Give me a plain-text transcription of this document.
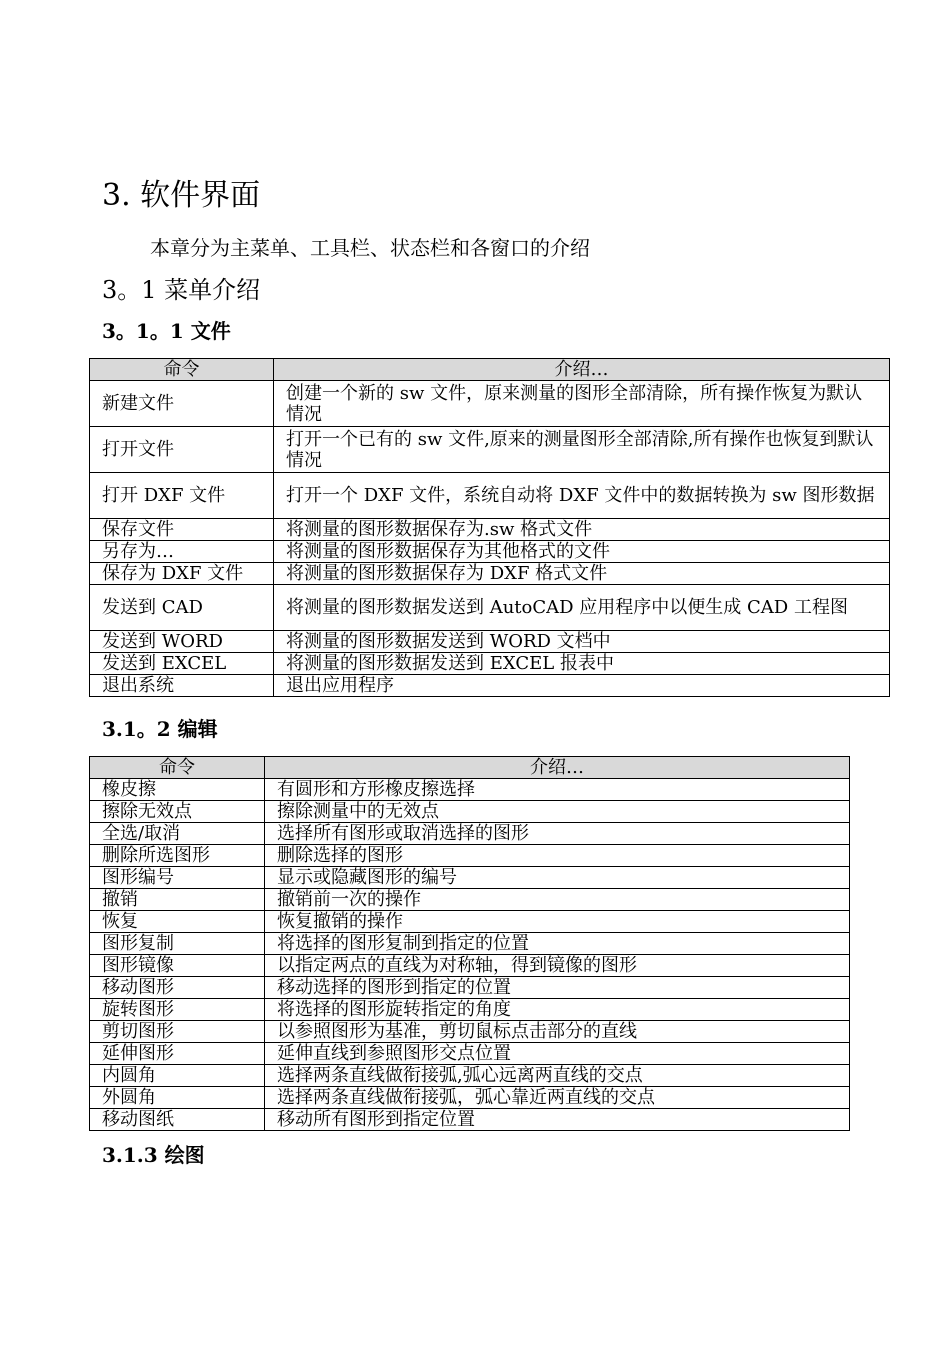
3. 软件界面

本章分为主菜单、工具栏、状态栏和各窗口的介绍

3。1 菜单介绍
3。1。1 文件
命令	介绍…
新建文件	创建一个新的 sw 文件，原来测量的图形全部清除，所有操作恢复为默认情况
打开文件	打开一个已有的 sw 文件,原来的测量图形全部清除,所有操作也恢复到默认情况
打开 DXF 文件	打开一个 DXF 文件，系统自动将 DXF 文件中的数据转换为 sw 图形数据
保存文件	将测量的图形数据保存为.sw 格式文件
另存为…	将测量的图形数据保存为其他格式的文件
保存为 DXF 文件	将测量的图形数据保存为 DXF 格式文件
发送到 CAD	将测量的图形数据发送到 AutoCAD 应用程序中以便生成 CAD 工程图
发送到 WORD	将测量的图形数据发送到 WORD 文档中
发送到 EXCEL	将测量的图形数据发送到 EXCEL 报表中
退出系统	退出应用程序
3.1。2 编辑
命令	介绍…
橡皮擦	有圆形和方形橡皮擦选择
擦除无效点	擦除测量中的无效点
全选/取消	选择所有图形或取消选择的图形
删除所选图形	删除选择的图形
图形编号	显示或隐藏图形的编号
撤销	撤销前一次的操作
恢复	恢复撤销的操作
图形复制	将选择的图形复制到指定的位置
图形镜像	以指定两点的直线为对称轴，得到镜像的图形
移动图形	移动选择的图形到指定的位置
旋转图形	将选择的图形旋转指定的角度
剪切图形	以参照图形为基准，剪切鼠标点击部分的直线
延伸图形	延伸直线到参照图形交点位置
内圆角	选择两条直线做衔接弧,弧心远离两直线的交点
外圆角	选择两条直线做衔接弧，弧心靠近两直线的交点
移动图纸	移动所有图形到指定位置
3.1.3 绘图
